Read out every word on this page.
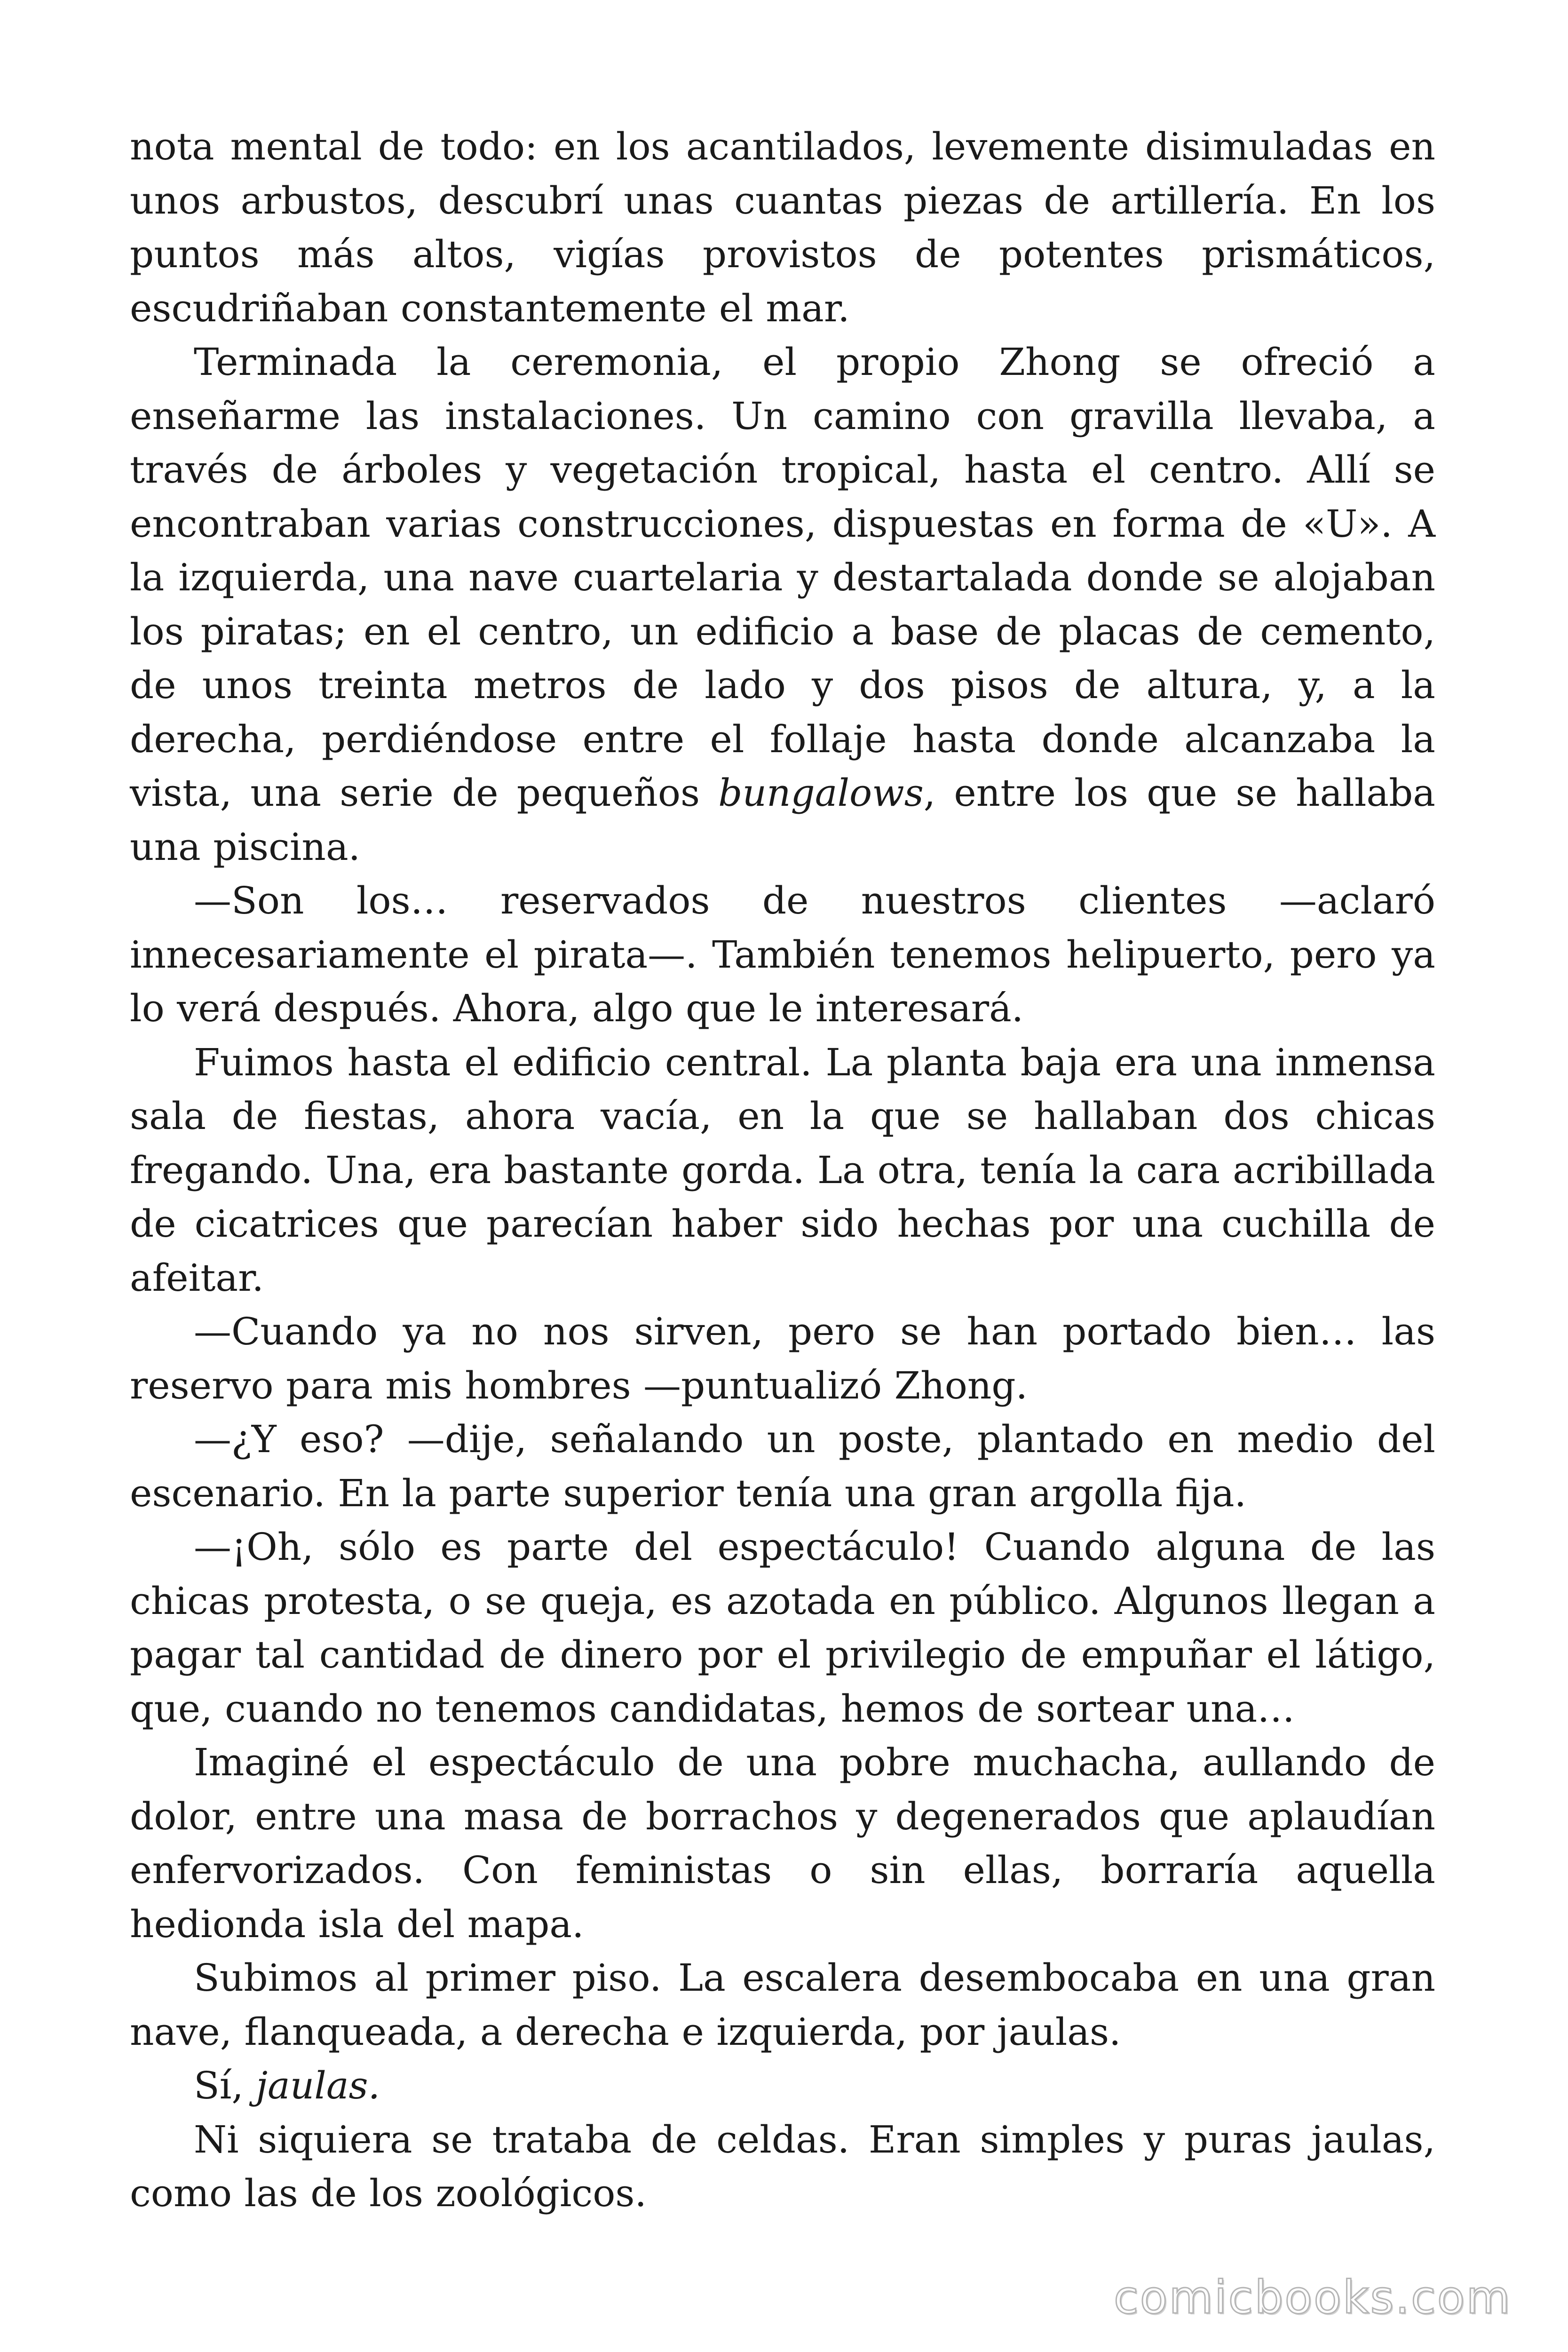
nota mental de todo: en los acantilados, levemente disimuladas en unos arbustos, descubrí unas cuantas piezas de artillería. En los puntos más altos, vigías provistos de potentes prismáticos, escudriñaban constantemente el mar.

Terminada la ceremonia, el propio Zhong se ofreció a enseñarme las instalaciones. Un camino con gravilla llevaba, a través de árboles y vegetación tropical, hasta el centro. Allí se encontraban varias construcciones, dispuestas en forma de «U». A la izquierda, una nave cuartelaria y destartalada donde se alojaban los piratas; en el centro, un edificio a base de placas de cemento, de unos treinta metros de lado y dos pisos de altura, y, a la derecha, perdiéndose entre el follaje hasta donde alcanzaba la vista, una serie de pequeños bungalows, entre los que se hallaba una piscina.

—Son los… reservados de nuestros clientes —aclaró innecesariamente el pirata—. También tenemos helipuerto, pero ya lo verá después. Ahora, algo que le interesará.

Fuimos hasta el edificio central. La planta baja era una inmensa sala de fiestas, ahora vacía, en la que se hallaban dos chicas fregando. Una, era bastante gorda. La otra, tenía la cara acribillada de cicatrices que parecían haber sido hechas por una cuchilla de afeitar.

—Cuando ya no nos sirven, pero se han portado bien… las reservo para mis hombres —puntualizó Zhong.

—¿Y eso? —dije, señalando un poste, plantado en medio del escenario. En la parte superior tenía una gran argolla fija.

—¡Oh, sólo es parte del espectáculo! Cuando alguna de las chicas protesta, o se queja, es azotada en público. Algunos llegan a pagar tal cantidad de dinero por el privilegio de empuñar el látigo, que, cuando no tenemos candidatas, hemos de sortear una…

Imaginé el espectáculo de una pobre muchacha, aullando de dolor, entre una masa de borrachos y degenerados que aplaudían enfervorizados. Con feministas o sin ellas, borraría aquella hedionda isla del mapa.

Subimos al primer piso. La escalera desembocaba en una gran nave, flanqueada, a derecha e izquierda, por jaulas.

Sí, jaulas.

Ni siquiera se trataba de celdas. Eran simples y puras jaulas, como las de los zoológicos.

comicbooks.com
